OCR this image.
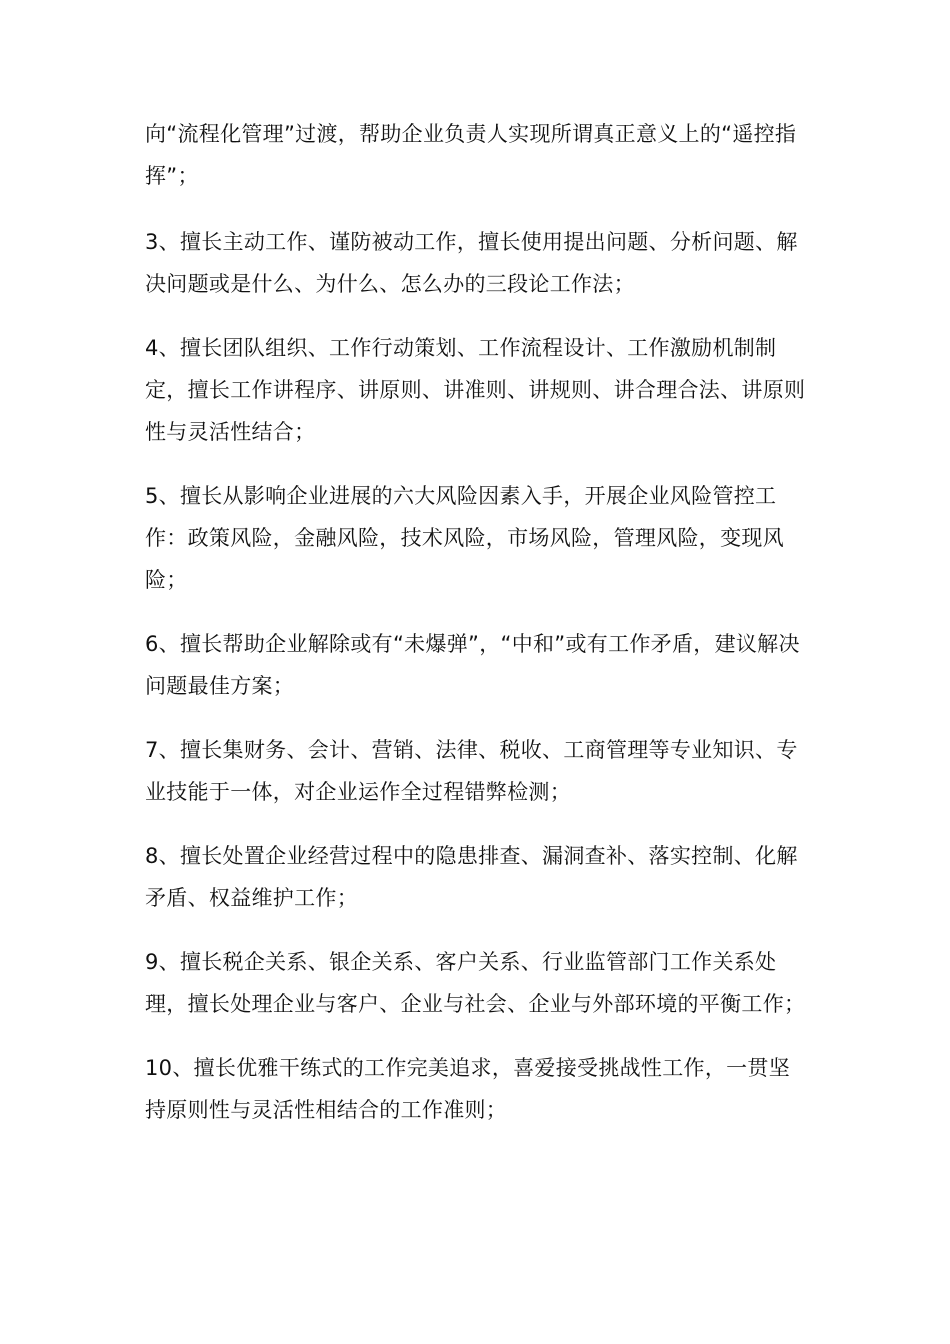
向“流程化管理”过渡，帮助企业负责人实现所谓真正意义上的“遥控指挥”；

3、擅长主动工作、谨防被动工作，擅长使用提出问题、分析问题、解决问题或是什么、为什么、怎么办的三段论工作法；

4、擅长团队组织、工作行动策划、工作流程设计、工作激励机制制定，擅长工作讲程序、讲原则、讲准则、讲规则、讲合理合法、讲原则性与灵活性结合；

5、擅长从影响企业进展的六大风险因素入手，开展企业风险管控工作：政策风险，金融风险，技术风险，市场风险，管理风险，变现风险；

6、擅长帮助企业解除或有“未爆弹”，“中和”或有工作矛盾，建议解决问题最佳方案；

7、擅长集财务、会计、营销、法律、税收、工商管理等专业知识、专业技能于一体，对企业运作全过程错弊检测；

8、擅长处置企业经营过程中的隐患排查、漏洞查补、落实控制、化解矛盾、权益维护工作；

9、擅长税企关系、银企关系、客户关系、行业监管部门工作关系处理，擅长处理企业与客户、企业与社会、企业与外部环境的平衡工作；

10、擅长优雅干练式的工作完美追求，喜爱接受挑战性工作，一贯坚持原则性与灵活性相结合的工作准则；
